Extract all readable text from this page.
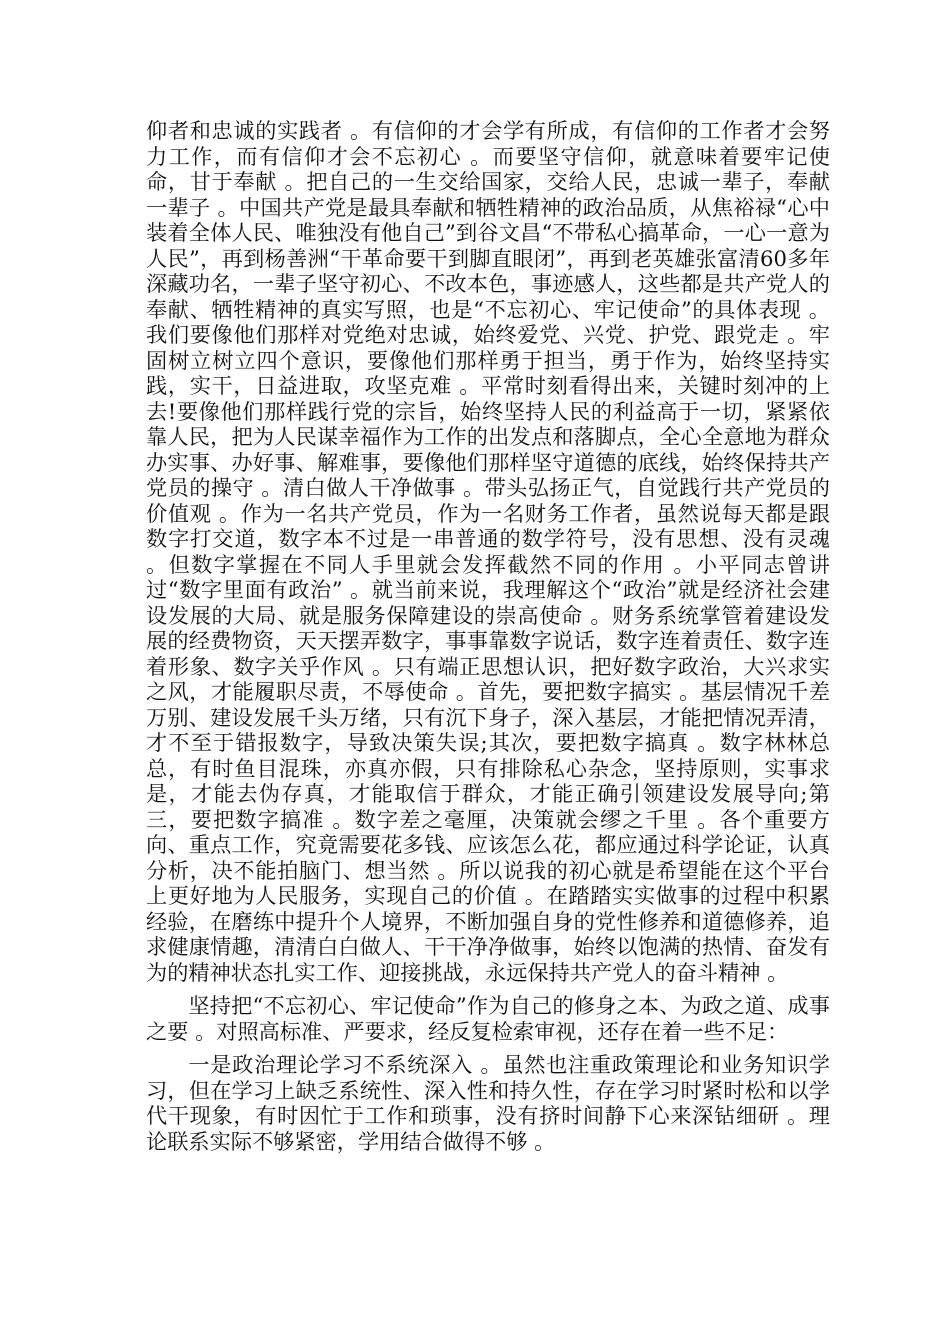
仰者和忠诚的实践者 。有信仰的才会学有所成，有信仰的工作者才会努力工作，而有信仰才会不忘初心 。而要坚守信仰，就意味着要牢记使命，甘于奉献 。把自己的一生交给国家，交给人民，忠诚一辈子，奉献一辈子 。中国共产党是最具奉献和牺牲精神的政治品质，从焦裕禄“心中装着全体人民、唯独没有他自己”到谷文昌“不带私心搞革命，一心一意为人民”，再到杨善洲“干革命要干到脚直眼闭”，再到老英雄张富清60多年深藏功名，一辈子坚守初心、不改本色，事迹感人，这些都是共产党人的奉献、牺牲精神的真实写照，也是“不忘初心、牢记使命”的具体表现 。我们要像他们那样对党绝对忠诚，始终爱党、兴党、护党、跟党走 。牢固树立树立四个意识，要像他们那样勇于担当，勇于作为，始终坚持实践，实干，日益进取，攻坚克难 。平常时刻看得出来，关键时刻冲的上去!要像他们那样践行党的宗旨，始终坚持人民的利益高于一切，紧紧依靠人民，把为人民谋幸福作为工作的出发点和落脚点，全心全意地为群众办实事、办好事、解难事，要像他们那样坚守道德的底线，始终保持共产党员的操守 。清白做人干净做事 。带头弘扬正气，自觉践行共产党员的价值观 。作为一名共产党员，作为一名财务工作者，虽然说每天都是跟数字打交道，数字本不过是一串普通的数学符号，没有思想、没有灵魂 。但数字掌握在不同人手里就会发挥截然不同的作用 。小平同志曾讲过“数字里面有政治” 。就当前来说，我理解这个“政治”就是经济社会建设发展的大局、就是服务保障建设的崇高使命 。财务系统掌管着建设发展的经费物资，天天摆弄数字，事事靠数字说话，数字连着责任、数字连着形象、数字关乎作风 。只有端正思想认识，把好数字政治，大兴求实之风，才能履职尽责，不辱使命 。首先，要把数字搞实 。基层情况千差万别、建设发展千头万绪，只有沉下身子，深入基层，才能把情况弄清，才不至于错报数字，导致决策失误;其次，要把数字搞真 。数字林林总总，有时鱼目混珠，亦真亦假，只有排除私心杂念，坚持原则，实事求是，才能去伪存真，才能取信于群众，才能正确引领建设发展导向;第三，要把数字搞准 。数字差之毫厘，决策就会缪之千里 。各个重要方向、重点工作，究竟需要花多钱、应该怎么花，都应通过科学论证，认真分析，决不能拍脑门、想当然 。所以说我的初心就是希望能在这个平台上更好地为人民服务，实现自己的价值 。在踏踏实实做事的过程中积累经验，在磨练中提升个人境界，不断加强自身的党性修养和道德修养，追求健康情趣，清清白白做人、干干净净做事，始终以饱满的热情、奋发有为的精神状态扎实工作、迎接挑战，永远保持共产党人的奋斗精神 。

坚持把“不忘初心、牢记使命”作为自己的修身之本、为政之道、成事之要 。对照高标准、严要求，经反复检索审视，还存在着一些不足：

一是政治理论学习不系统深入 。虽然也注重政策理论和业务知识学习，但在学习上缺乏系统性、深入性和持久性，存在学习时紧时松和以学代干现象，有时因忙于工作和琐事，没有挤时间静下心来深钻细研 。理论联系实际不够紧密，学用结合做得不够 。
